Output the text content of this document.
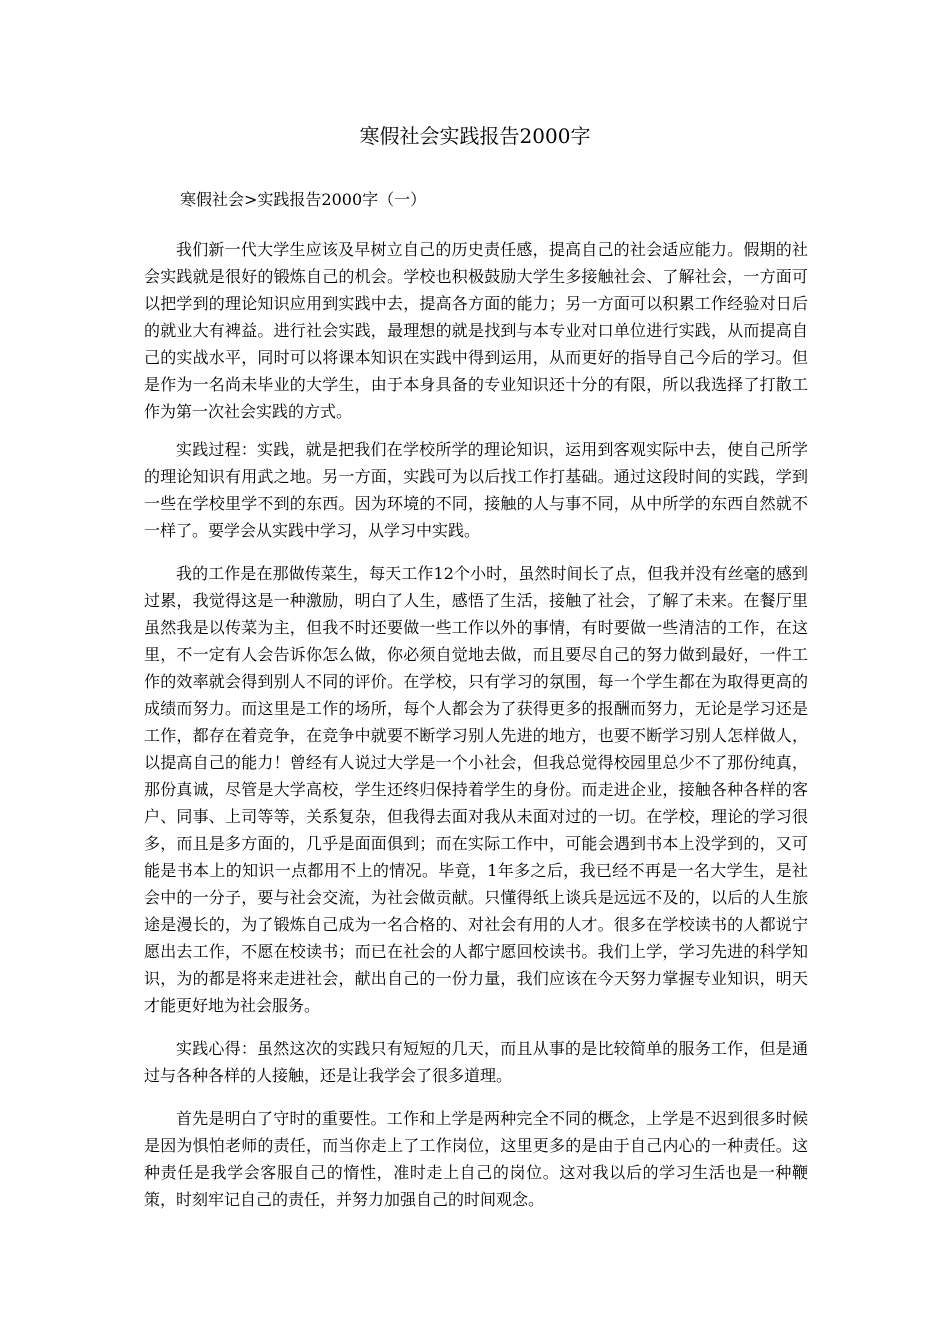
寒假社会实践报告2000字

寒假社会>实践报告2000字（一）

我们新一代大学生应该及早树立自己的历史责任感，提高自己的社会适应能力。假期的社会实践就是很好的锻炼自己的机会。学校也积极鼓励大学生多接触社会、了解社会，一方面可以把学到的理论知识应用到实践中去，提高各方面的能力；另一方面可以积累工作经验对日后的就业大有裨益。进行社会实践，最理想的就是找到与本专业对口单位进行实践，从而提高自己的实战水平，同时可以将课本知识在实践中得到运用，从而更好的指导自己今后的学习。但是作为一名尚未毕业的大学生，由于本身具备的专业知识还十分的有限，所以我选择了打散工作为第一次社会实践的方式。

实践过程：实践，就是把我们在学校所学的理论知识，运用到客观实际中去，使自己所学的理论知识有用武之地。另一方面，实践可为以后找工作打基础。通过这段时间的实践，学到一些在学校里学不到的东西。因为环境的不同，接触的人与事不同，从中所学的东西自然就不一样了。要学会从实践中学习，从学习中实践。

我的工作是在那做传菜生，每天工作12个小时，虽然时间长了点，但我并没有丝毫的感到过累，我觉得这是一种激励，明白了人生，感悟了生活，接触了社会，了解了未来。在餐厅里虽然我是以传菜为主，但我不时还要做一些工作以外的事情，有时要做一些清洁的工作，在这里，不一定有人会告诉你怎么做，你必须自觉地去做，而且要尽自己的努力做到最好，一件工作的效率就会得到别人不同的评价。在学校，只有学习的氛围，每一个学生都在为取得更高的成绩而努力。而这里是工作的场所，每个人都会为了获得更多的报酬而努力，无论是学习还是工作，都存在着竞争，在竞争中就要不断学习别人先进的地方，也要不断学习别人怎样做人，以提高自己的能力！曾经有人说过大学是一个小社会，但我总觉得校园里总少不了那份纯真，那份真诚，尽管是大学高校，学生还终归保持着学生的身份。而走进企业，接触各种各样的客户、同事、上司等等，关系复杂，但我得去面对我从未面对过的一切。在学校，理论的学习很多，而且是多方面的，几乎是面面俱到；而在实际工作中，可能会遇到书本上没学到的，又可能是书本上的知识一点都用不上的情况。毕竟，1年多之后，我已经不再是一名大学生，是社会中的一分子，要与社会交流，为社会做贡献。只懂得纸上谈兵是远远不及的，以后的人生旅途是漫长的，为了锻炼自己成为一名合格的、对社会有用的人才。很多在学校读书的人都说宁愿出去工作，不愿在校读书；而已在社会的人都宁愿回校读书。我们上学，学习先进的科学知识，为的都是将来走进社会，献出自己的一份力量，我们应该在今天努力掌握专业知识，明天才能更好地为社会服务。

实践心得：虽然这次的实践只有短短的几天，而且从事的是比较简单的服务工作，但是通过与各种各样的人接触，还是让我学会了很多道理。

首先是明白了守时的重要性。工作和上学是两种完全不同的概念，上学是不迟到很多时候是因为惧怕老师的责任，而当你走上了工作岗位，这里更多的是由于自己内心的一种责任。这种责任是我学会客服自己的惰性，准时走上自己的岗位。这对我以后的学习生活也是一种鞭策，时刻牢记自己的责任，并努力加强自己的时间观念。
